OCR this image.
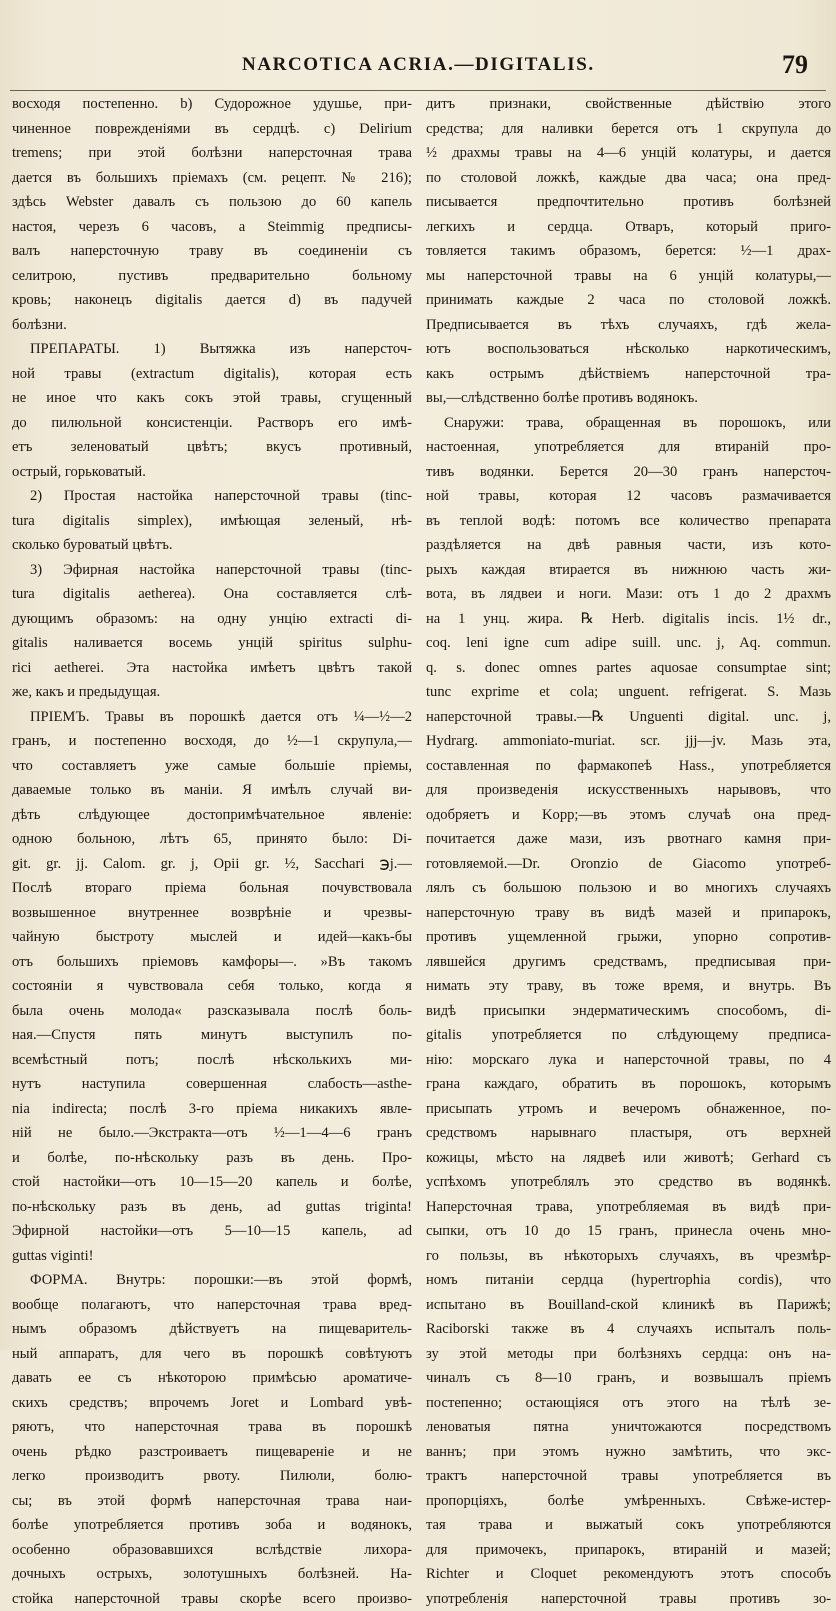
NARCOTICA ACRIA.—DIGITALIS.	79
восходя постепенно. b) Судорожное удушье, при-
чиненное поврежденіями въ сердцѣ. c) Delirium
tremens; при этой болѣзни наперсточная трава
дается въ большихъ пріемахъ (см. рецепт. № 216);
здѣсь Webster давалъ съ пользою до 60 капель
настоя, черезъ 6 часовъ, а Steimmig предписы-
валъ наперсточную траву въ соединеніи съ
селитрою, пустивъ предварительно больному
кровь; наконецъ digitalis дается d) въ падучей
болѣзни.
ПРЕПАРАТЫ. 1) Вытяжка изъ наперсточ-
ной травы (extractum digitalis), которая есть
не иное что какъ сокъ этой травы, сгущенный
до пилюльной консистенціи. Растворъ его имѣ-
етъ зеленоватый цвѣтъ; вкусъ противный,
острый, горьковатый.
2) Простая настойка наперсточной травы (tinc-
tura digitalis simplex), имѣющая зеленый, нѣ-
сколько буроватый цвѣтъ.
3) Эфирная настойка наперсточной травы (tinc-
tura digitalis aetherea). Она составляется слѣ-
дующимъ образомъ: на одну унцію extracti di-
gitalis наливается восемь унцій spiritus sulphu-
rici aetherei. Эта настойка имѣетъ цвѣтъ такой
же, какъ и предыдущая.
ПРІЕМЪ. Травы въ порошкѣ дается отъ ¼—½—2
гранъ, и постепенно восходя, до ½—1 скрупула,—
что составляетъ уже самые большіе пріемы,
даваемые только въ маніи. Я имѣлъ случай ви-
дѣть слѣдующее достопримѣчательное явленіе:
одною больною, лѣтъ 65, принято было: Di-
git. gr. jj. Calom. gr. j, Opii gr. ½, Sacchari ℈j.—
Послѣ втораго пріема больная почувствовала
возвышенное внутреннее возврѣніе и чрезвы-
чайную быстроту мыслей и идей—какъ-бы
отъ большихъ пріемовъ камфоры—. »Въ такомъ
состояніи я чувствовала себя только, когда я
была очень молода« разсказывала послѣ боль-
ная.—Спустя пять минутъ выступилъ по-
всемѣстный потъ; послѣ нѣсколькихъ ми-
нутъ наступила совершенная слабость—asthe-
nia indirecta; послѣ 3-го пріема никакихъ явле-
ній не было.—Экстракта—отъ ½—1—4—6 гранъ
и болѣе, по-нѣскольку разъ въ день. Про-
стой настойки—отъ 10—15—20 капель и болѣе,
по-нѣскольку разъ въ день, ad guttas triginta!
Эфирной настойки—отъ 5—10—15 капель, ad
guttas viginti!
ФОРМА. Внутрь: порошки:—въ этой формѣ,
вообще полагаютъ, что наперсточная трава вред-
нымъ образомъ дѣйствуетъ на пищеваритель-
ный аппаратъ, для чего въ порошкѣ совѣтуютъ
давать ее съ нѣкоторою примѣсью ароматиче-
скихъ средствъ; впрочемъ Joret и Lombard увѣ-
ряютъ, что наперсточная трава въ порошкѣ
очень рѣдко разстроиваетъ пищевареніе и не
легко производитъ рвоту. Пилюли, болю-
сы; въ этой формѣ наперсточная трава наи-
болѣе употребляется противъ зоба и водянокъ,
особенно образовавшихся вслѣдствіе лихора-
дочныхъ острыхъ, золотушныхъ болѣзней. На-
стойка наперсточной травы скорѣе всего произво-
дитъ признаки, свойственные дѣйствію этого
средства; для наливки берется отъ 1 скрупула до
½ драхмы травы на 4—6 унцій колатуры, и дается
по столовой ложкѣ, каждые два часа; она пред-
писывается предпочтительно противъ болѣзней
легкихъ и сердца. Отваръ, который приго-
товляется такимъ образомъ, берется: ½—1 драх-
мы наперсточной травы на 6 унцій колатуры,—
принимать каждые 2 часа по столовой ложкѣ.
Предписывается въ тѣхъ случаяхъ, гдѣ жела-
ютъ воспользоваться нѣсколько наркотическимъ,
какъ острымъ дѣйствіемъ наперсточной тра-
вы,—слѣдственно болѣе противъ водянокъ.
Снаружи: трава, обращенная въ порошокъ, или
настоенная, употребляется для втираній про-
тивъ водянки. Берется 20—30 гранъ наперсточ-
ной травы, которая 12 часовъ размачивается
въ теплой водѣ: потомъ все количество препарата
раздѣляется на двѣ равныя части, изъ кото-
рыхъ каждая втирается въ нижнюю часть жи-
вота, въ лядвеи и ноги. Мази: отъ 1 до 2 драхмъ
на 1 унц. жира. ℞ Herb. digitalis incis. 1½ dr.,
coq. leni igne cum adipe suill. unc. j, Aq. commun.
q. s. donec omnes partes aquosae consumptae sint;
tunc exprime et cola; unguent. refrigerat. S. Мазь
наперсточной травы.—℞ Unguenti digital. unc. j,
Hydrarg. ammoniato-muriat. scr. jjj—jv. Мазь эта,
составленная по фармакопеѣ Hass., употребляется
для произведенія искусственныхъ нарывовъ, что
одобряетъ и Kopp;—въ этомъ случаѣ она пред-
почитается даже мази, изъ рвотнаго камня при-
готовляемой.—Dr. Oronzio de Giacomo употреб-
лялъ съ большою пользою и во многихъ случаяхъ
наперсточную траву въ видѣ мазей и припарокъ,
противъ ущемленной грыжи, упорно сопротив-
лявшейся другимъ средствамъ, предписывая при-
нимать эту траву, въ тоже время, и внутрь. Въ
видѣ присыпки эндерматическимъ способомъ, di-
gitalis употребляется по слѣдующему предписа-
нію: морскаго лука и наперсточной травы, по 4
грана каждаго, обратить въ порошокъ, которымъ
присыпать утромъ и вечеромъ обнаженное, по-
средствомъ нарывнаго пластыря, отъ верхней
кожицы, мѣсто на лядвеѣ или животѣ; Gerhard съ
успѣхомъ употреблялъ это средство въ водянкѣ.
Наперсточная трава, употребляемая въ видѣ при-
сыпки, отъ 10 до 15 гранъ, принесла очень мно-
го пользы, въ нѣкоторыхъ случаяхъ, въ чрезмѣр-
номъ питаніи сердца (hypertrophia cordis), что
испытано въ Bouilland-ской клиникѣ въ Парижѣ;
Raciborski также въ 4 случаяхъ испыталъ поль-
зу этой методы при болѣзняхъ сердца: онъ на-
чиналъ съ 8—10 гранъ, и возвышалъ пріемъ
постепенно; остающіяся отъ этого на тѣлѣ зе-
леноватыя пятна уничтожаются посредствомъ
ваннъ; при этомъ нужно замѣтить, что экс-
трактъ наперсточной травы употребляется въ
пропорціяхъ, болѣе умѣренныхъ. Свѣже-истер-
тая трава и выжатый сокъ употребляются
для примочекъ, припарокъ, втираній и мазей;
Richter и Cloquet рекомендуютъ этотъ способъ
употребленія наперсточной травы противъ зо-
